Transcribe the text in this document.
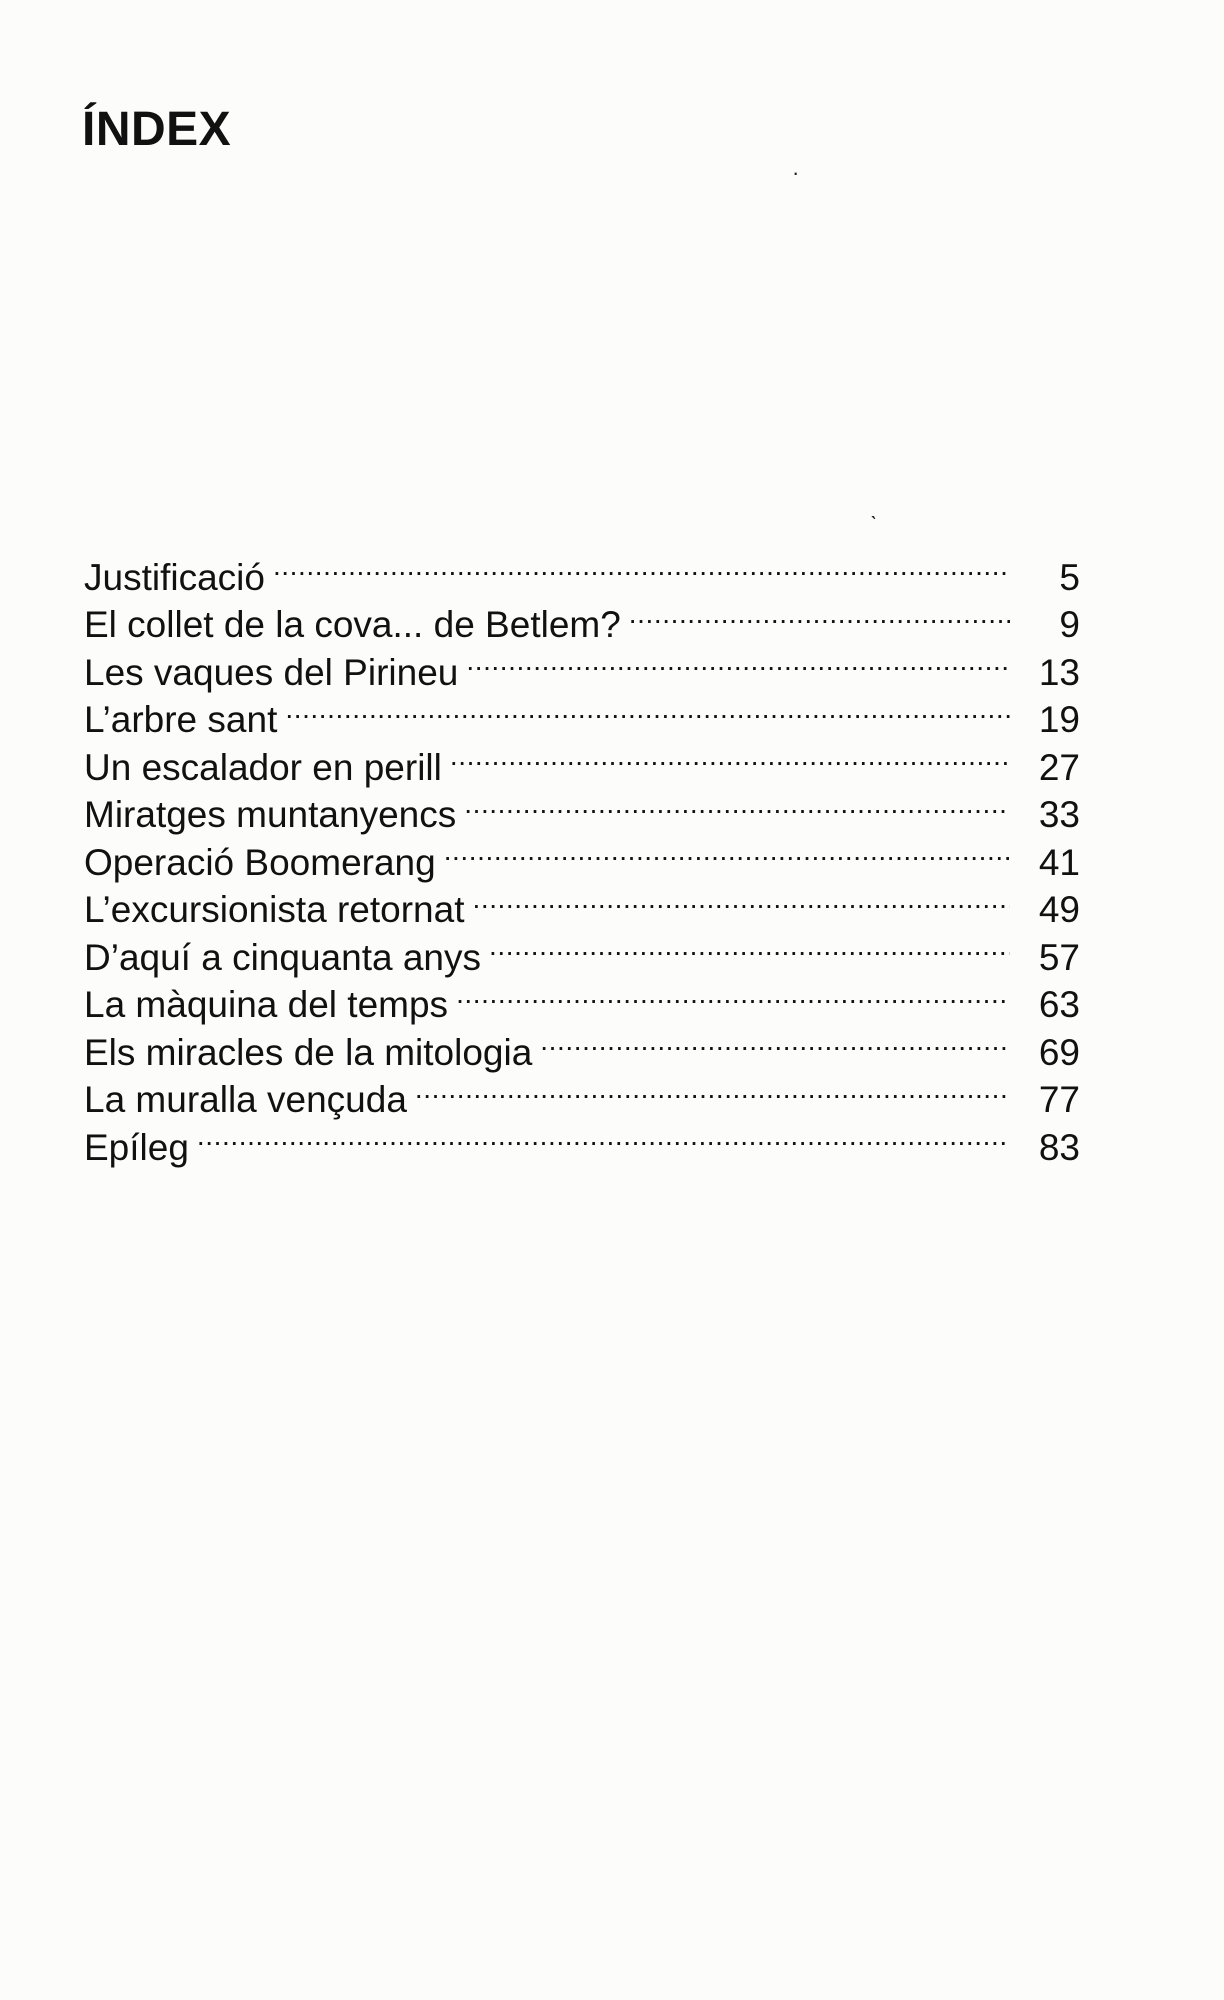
ÍNDEX
Justificació . . .	5
El collet de la cova... de Betlem? . . .	9
Les vaques del Pirineu . . .	13
L’arbre sant . . .	19
Un escalador en perill . . .	27
Miratges muntanyencs . . .	33
Operació Boomerang . . .	41
L’excursionista retornat . . .	49
D’aquí a cinquanta anys . . .	57
La màquina del temps . . .	63
Els miracles de la mitologia . . .	69
La muralla vençuda . . .	77
Epíleg . . .	83
·
ˋ
